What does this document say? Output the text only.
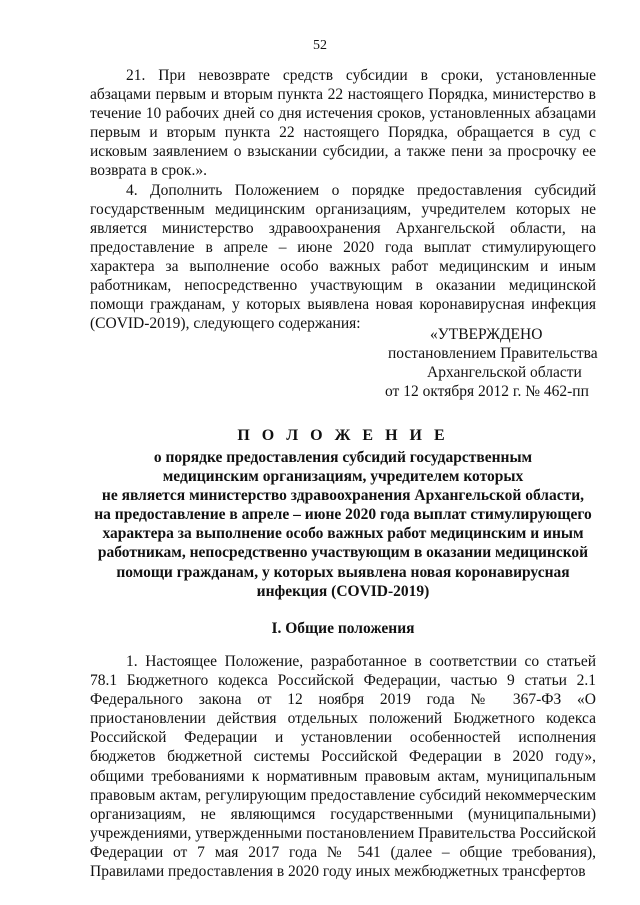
52

21. При невозврате средств субсидии в сроки, установленные абзацами первым и вторым пункта 22 настоящего Порядка, министерство в течение 10 рабочих дней со дня истечения сроков, установленных абзацами первым и вторым пункта 22 настоящего Порядка, обращается в суд с исковым заявлением о взыскании субсидии, а также пени за просрочку ее возврата в срок.».

4. Дополнить Положением о порядке предоставления субсидий государственным медицинским организациям, учредителем которых не является министерство здравоохранения Архангельской области, на предоставление в апреле – июне 2020 года выплат стимулирующего характера за выполнение особо важных работ медицинским и иным работникам, непосредственно участвующим в оказании медицинской помощи гражданам, у которых выявлена новая коронавирусная инфекция (COVID-2019), следующего содержания:

«УТВЕРЖДЕНО
постановлением Правительства
Архангельской области
от 12 октября 2012 г. № 462-пп
П О Л О Ж Е Н И Е
о порядке предоставления субсидий государственным
медицинским организациям, учредителем которых
не является министерство здравоохранения Архангельской области,
на предоставление в апреле – июне 2020 года выплат стимулирующего
характера за выполнение особо важных работ медицинским и иным
работникам, непосредственно участвующим в оказании медицинской
помощи гражданам, у которых выявлена новая коронавирусная
инфекция (COVID-2019)
I. Общие положения

1. Настоящее Положение, разработанное в соответствии со статьей 78.1 Бюджетного кодекса Российской Федерации, частью 9 статьи 2.1 Федерального закона от 12 ноября 2019 года № 367-ФЗ «О приостановлении действия отдельных положений Бюджетного кодекса Российской Федерации и установлении особенностей исполнения бюджетов бюджетной системы Российской Федерации в 2020 году», общими требованиями к нормативным правовым актам, муниципальным правовым актам, регулирующим предоставление субсидий некоммерческим организациям, не являющимся государственными (муниципальными) учреждениями, утвержденными постановлением Правительства Российской Федерации от 7 мая 2017 года № 541 (далее – общие требования), Правилами предоставления в 2020 году иных межбюджетных трансфертов
